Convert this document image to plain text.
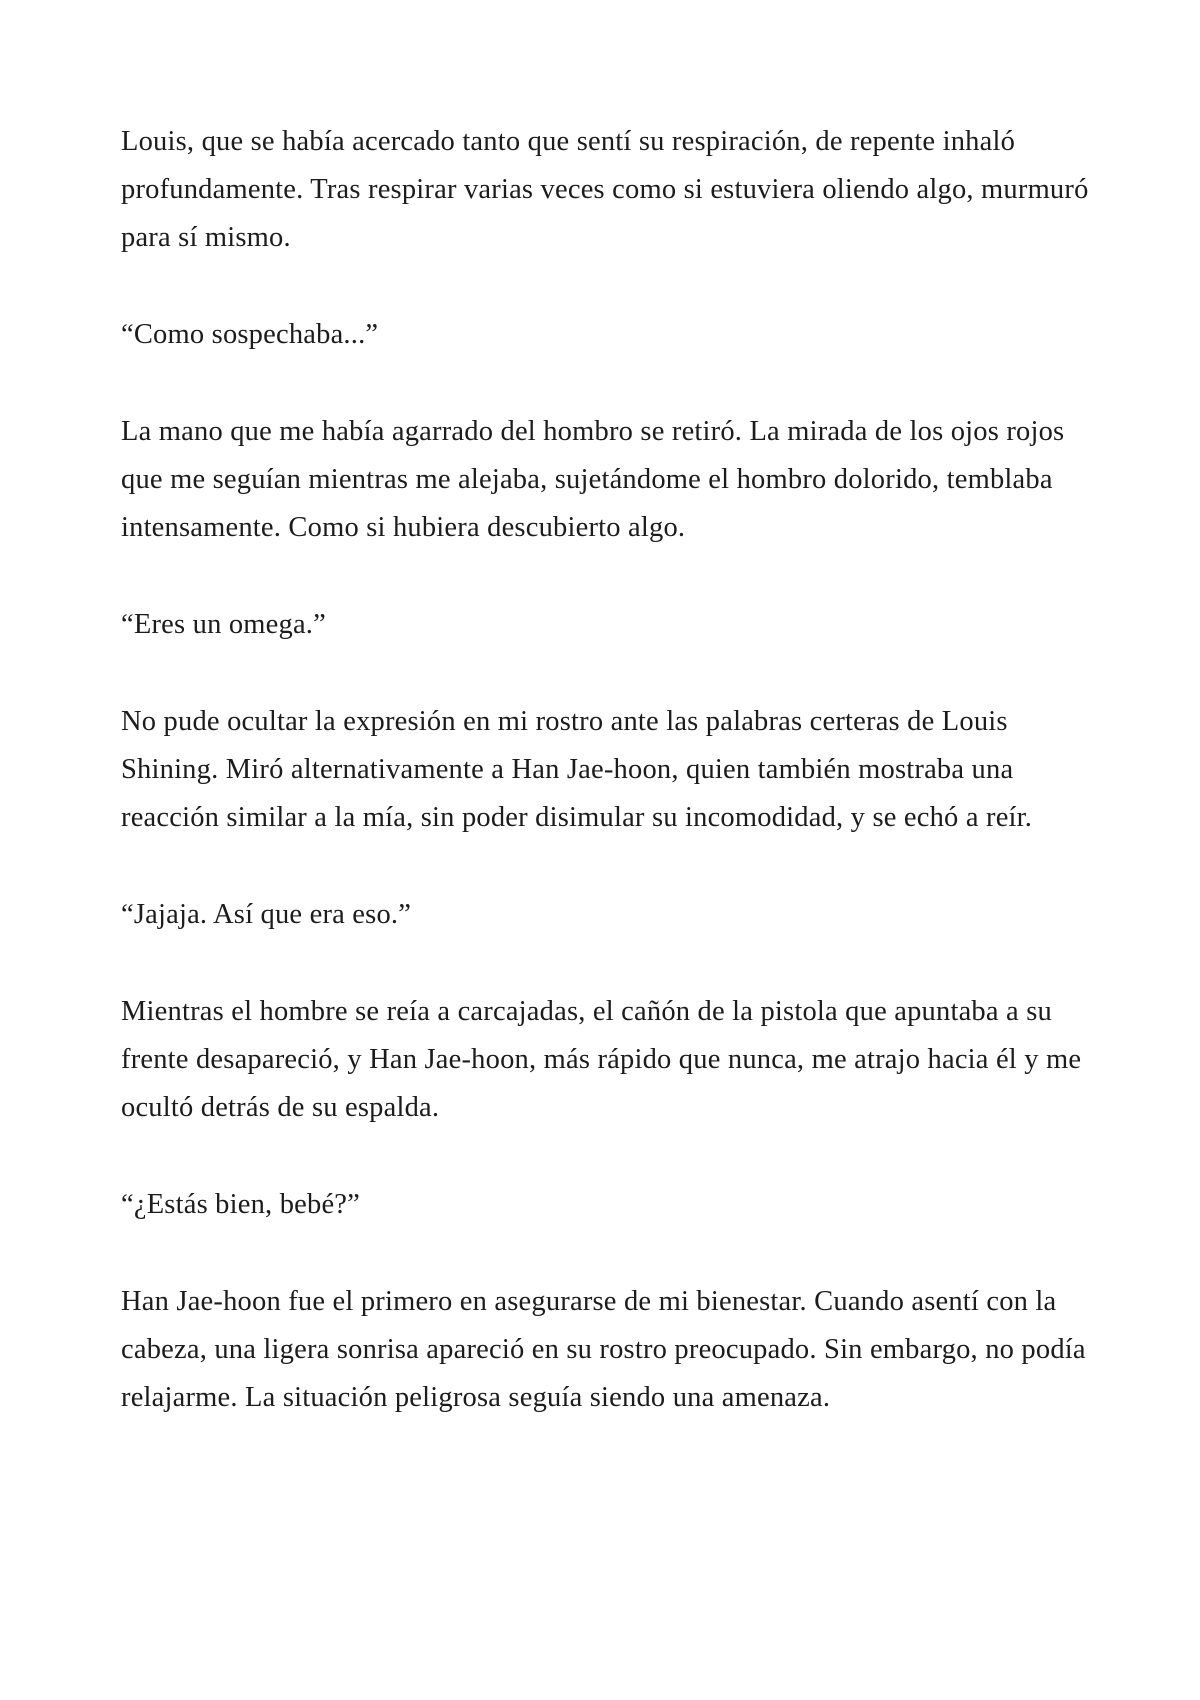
Louis, que se había acercado tanto que sentí su respiración, de repente inhaló profundamente. Tras respirar varias veces como si estuviera oliendo algo, murmuró para sí mismo.

“Como sospechaba...”

La mano que me había agarrado del hombro se retiró. La mirada de los ojos rojos que me seguían mientras me alejaba, sujetándome el hombro dolorido, temblaba intensamente. Como si hubiera descubierto algo.

“Eres un omega.”

No pude ocultar la expresión en mi rostro ante las palabras certeras de Louis Shining. Miró alternativamente a Han Jae-hoon, quien también mostraba una reacción similar a la mía, sin poder disimular su incomodidad, y se echó a reír.

“Jajaja. Así que era eso.”

Mientras el hombre se reía a carcajadas, el cañón de la pistola que apuntaba a su frente desapareció, y Han Jae-hoon, más rápido que nunca, me atrajo hacia él y me ocultó detrás de su espalda.

“¿Estás bien, bebé?”

Han Jae-hoon fue el primero en asegurarse de mi bienestar. Cuando asentí con la cabeza, una ligera sonrisa apareció en su rostro preocupado. Sin embargo, no podía relajarme. La situación peligrosa seguía siendo una amenaza.
